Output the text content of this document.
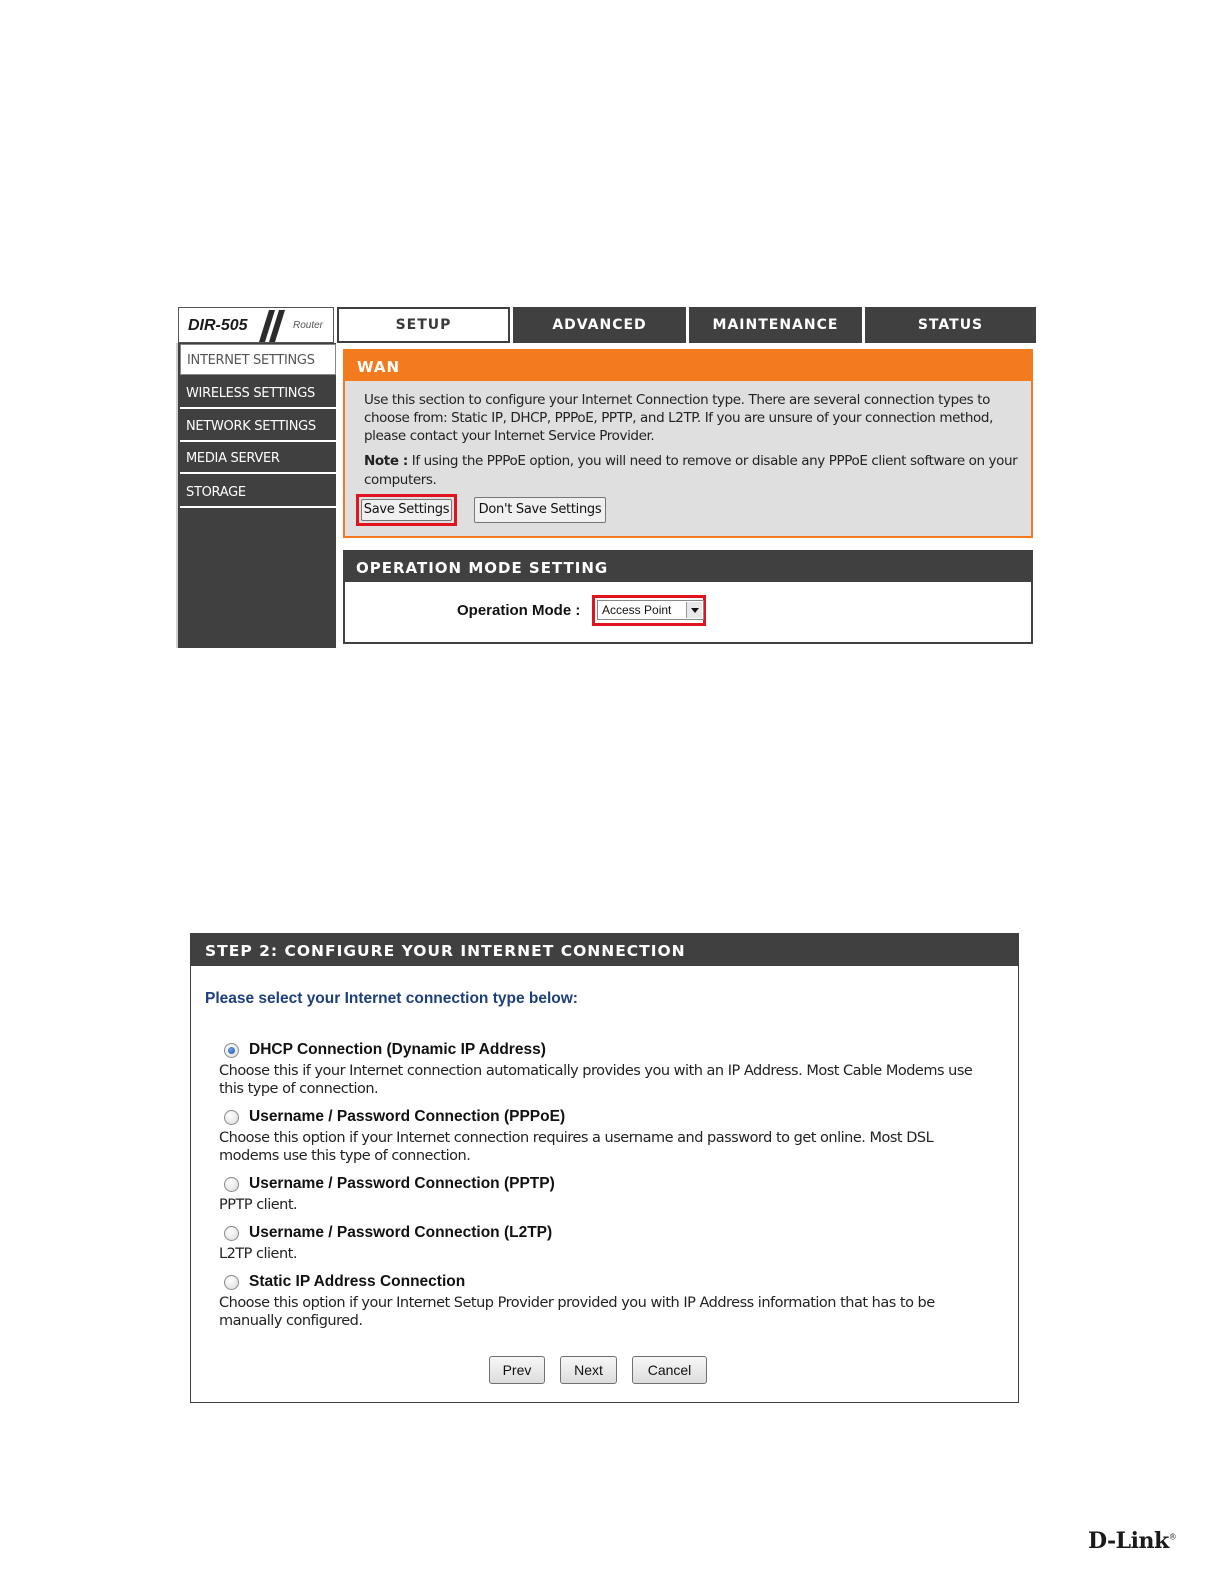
DIR-505	Router	SETUP	ADVANCED	MAINTENANCE	STATUS
INTERNET SETTINGS
WIRELESS SETTINGS
NETWORK SETTINGS
MEDIA SERVER
STORAGE
WAN
Use this section to configure your Internet Connection type. There are several connection types to choose from: Static IP, DHCP, PPPoE, PPTP, and L2TP. If you are unsure of your connection method, please contact your Internet Service Provider.
Note : If using the PPPoE option, you will need to remove or disable any PPPoE client software on your computers.
Save Settings	Don't Save Settings
OPERATION MODE SETTING
Operation Mode :	Access Point
STEP 2: CONFIGURE YOUR INTERNET CONNECTION
Please select your Internet connection type below:
DHCP Connection (Dynamic IP Address)
Choose this if your Internet connection automatically provides you with an IP Address. Most Cable Modems use this type of connection.
Username / Password Connection (PPPoE)
Choose this option if your Internet connection requires a username and password to get online. Most DSL modems use this type of connection.
Username / Password Connection (PPTP)
PPTP client.
Username / Password Connection (L2TP)
L2TP client.
Static IP Address Connection
Choose this option if your Internet Setup Provider provided you with IP Address information that has to be manually configured.
Prev	Next	Cancel
D-Link®
